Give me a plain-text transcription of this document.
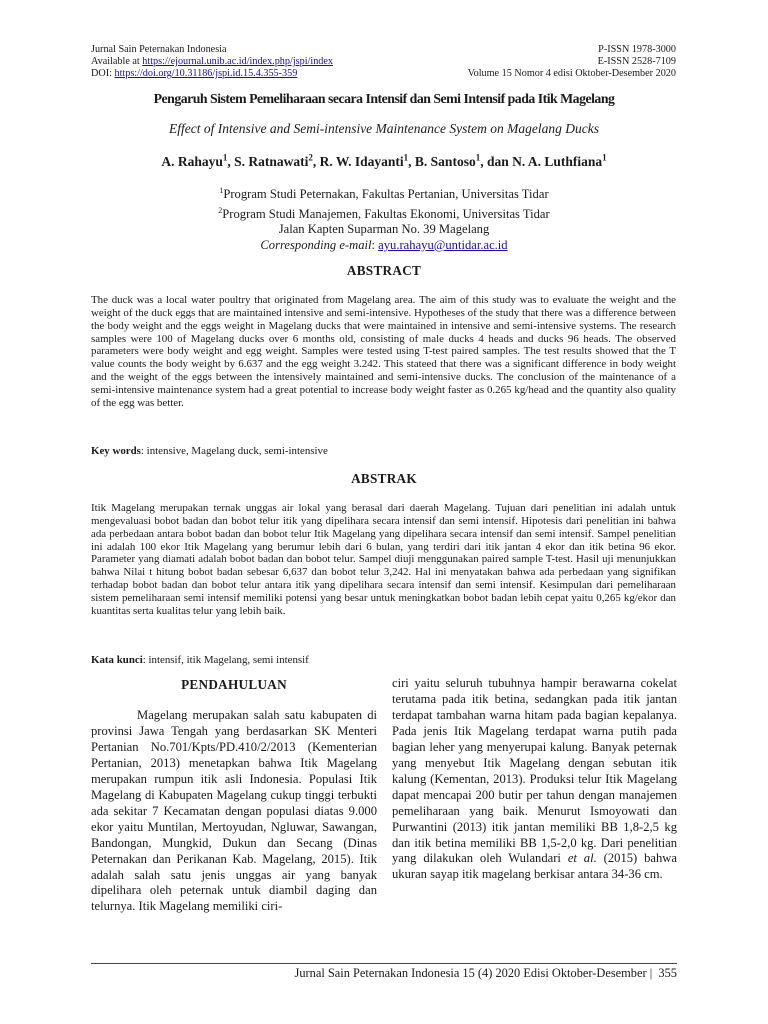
Jurnal Sain Peternakan Indonesia
Available at https://ejournal.unib.ac.id/index.php/jspi/index
DOI: https://doi.org/10.31186/jspi.id.15.4.355-359
P-ISSN 1978-3000
E-ISSN 2528-7109
Volume 15 Nomor 4 edisi Oktober-Desember 2020
Pengaruh Sistem Pemeliharaan secara Intensif dan Semi Intensif pada Itik Magelang
Effect of Intensive and Semi-intensive Maintenance System on Magelang Ducks
A. Rahayu$^1$, S. Ratnawati$^2$, R. W. Idayanti$^1$, B. Santoso$^1$, dan N. A. Luthfiana$^1$
$^1$Program Studi Peternakan, Fakultas Pertanian, Universitas Tidar
$^2$Program Studi Manajemen, Fakultas Ekonomi, Universitas Tidar
Jalan Kapten Suparman No. 39 Magelang
Corresponding e-mail: ayu.rahayu@untidar.ac.id
ABSTRACT
The duck was a local water poultry that originated from Magelang area. The aim of this study was to evaluate the weight and the weight of the duck eggs that are maintained intensive and semi-intensive. Hypotheses of the study that there was a difference between the body weight and the eggs weight in Magelang ducks that were maintained in intensive and semi-intensive systems. The research samples were 100 of Magelang ducks over 6 months old, consisting of male ducks 4 heads and ducks 96 heads. The observed parameters were body weight and egg weight. Samples were tested using T-test paired samples. The test results showed that the T value counts the body weight by 6.637 and the egg weight 3.242. This stateed that there was a significant difference in body weight and the weight of the eggs between the intensively maintained and semi-intensive ducks. The conclusion of the maintenance of a semi-intensive maintenance system had a great potential to increase body weight faster as 0.265 kg/head and the quantity also quality of the egg was better.
Key words: intensive, Magelang duck, semi-intensive
ABSTRAK
Itik Magelang merupakan ternak unggas air lokal yang berasal dari daerah Magelang. Tujuan dari penelitian ini adalah untuk mengevaluasi bobot badan dan bobot telur itik yang dipelihara secara intensif dan semi intensif. Hipotesis dari penelitian ini bahwa ada perbedaan antara bobot badan dan bobot telur Itik Magelang yang dipelihara secara intensif dan semi intensif. Sampel penelitian ini adalah 100 ekor Itik Magelang yang berumur lebih dari 6 bulan, yang terdiri dari itik jantan 4 ekor dan itik betina 96 ekor. Parameter yang diamati adalah bobot badan dan bobot telur. Sampel diuji menggunakan paired sample T-test. Hasil uji menunjukkan bahwa Nilai t hitung bobot badan sebesar 6,637 dan bobot telur 3,242. Hal ini menyatakan bahwa ada perbedaan yang signifikan terhadap bobot badan dan bobot telur antara itik yang dipelihara secara intensif dan semi intensif. Kesimpulan dari pemeliharaan sistem pemeliharaan semi intensif memiliki potensi yang besar untuk meningkatkan bobot badan lebih cepat yaitu 0,265 kg/ekor dan kuantitas serta kualitas telur yang lebih baik.
Kata kunci: intensif, itik Magelang, semi intensif
PENDAHULUAN
Magelang merupakan salah satu kabupaten di provinsi Jawa Tengah yang berdasarkan SK Menteri Pertanian No.701/Kpts/PD.410/2/2013 (Kementerian Pertanian, 2013) menetapkan bahwa Itik Magelang merupakan rumpun itik asli Indonesia. Populasi Itik Magelang di Kabupaten Magelang cukup tinggi terbukti ada sekitar 7 Kecamatan dengan populasi diatas 9.000 ekor yaitu Muntilan, Mertoyudan, Ngluwar, Sawangan, Bandongan, Mungkid, Dukun dan Secang (Dinas Peternakan dan Perikanan Kab. Magelang, 2015). Itik adalah salah satu jenis unggas air yang banyak dipelihara oleh peternak untuk diambil daging dan telurnya. Itik Magelang memiliki ciri-
ciri yaitu seluruh tubuhnya hampir berawarna cokelat terutama pada itik betina, sedangkan pada itik jantan terdapat tambahan warna hitam pada bagian kepalanya. Pada jenis Itik Magelang terdapat warna putih pada bagian leher yang menyerupai kalung. Banyak peternak yang menyebut Itik Magelang dengan sebutan itik kalung (Kementan, 2013). Produksi telur Itik Magelang dapat mencapai 200 butir per tahun dengan manajemen pemeliharaan yang baik. Menurut Ismoyowati dan Purwantini (2013) itik jantan memiliki BB 1,8-2,5 kg dan itik betina memiliki BB 1,5-2,0 kg. Dari penelitian yang dilakukan oleh Wulandari et al. (2015) bahwa ukuran sayap itik magelang berkisar antara 34-36 cm.
Jurnal Sain Peternakan Indonesia 15 (4) 2020 Edisi Oktober-Desember | 355
